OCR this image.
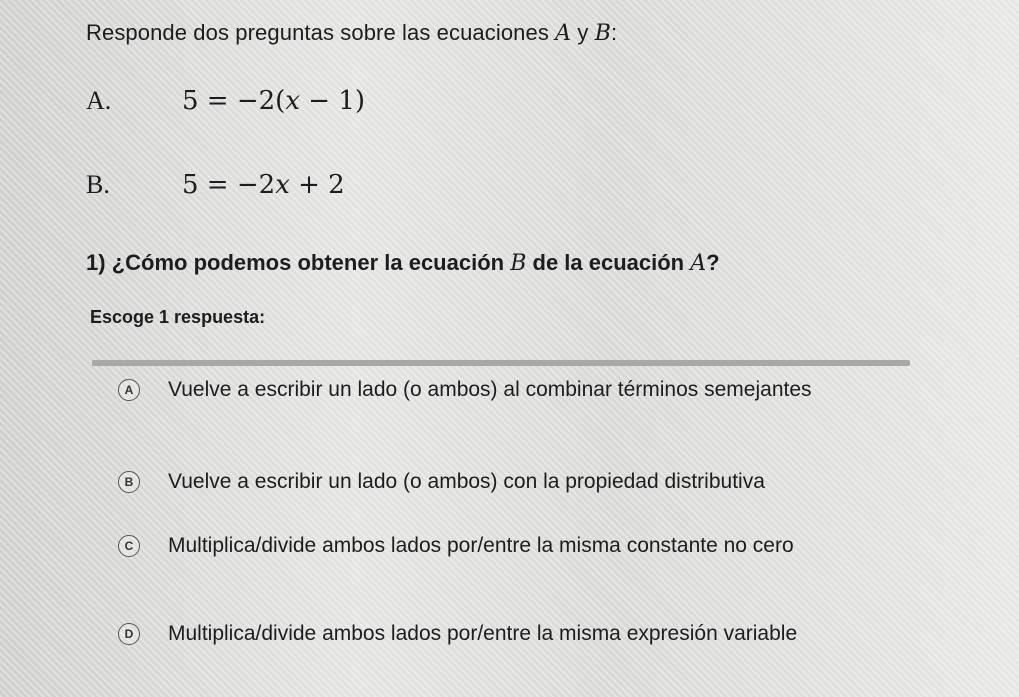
Responde dos preguntas sobre las ecuaciones A y B:
A.	5 = −2(x − 1)
B.	5 = −2x + 2
1) ¿Cómo podemos obtener la ecuación B de la ecuación A?
Escoge 1 respuesta:
A	Vuelve a escribir un lado (o ambos) al combinar términos semejantes
B	Vuelve a escribir un lado (o ambos) con la propiedad distributiva
C	Multiplica/divide ambos lados por/entre la misma constante no cero
D	Multiplica/divide ambos lados por/entre la misma expresión variable
